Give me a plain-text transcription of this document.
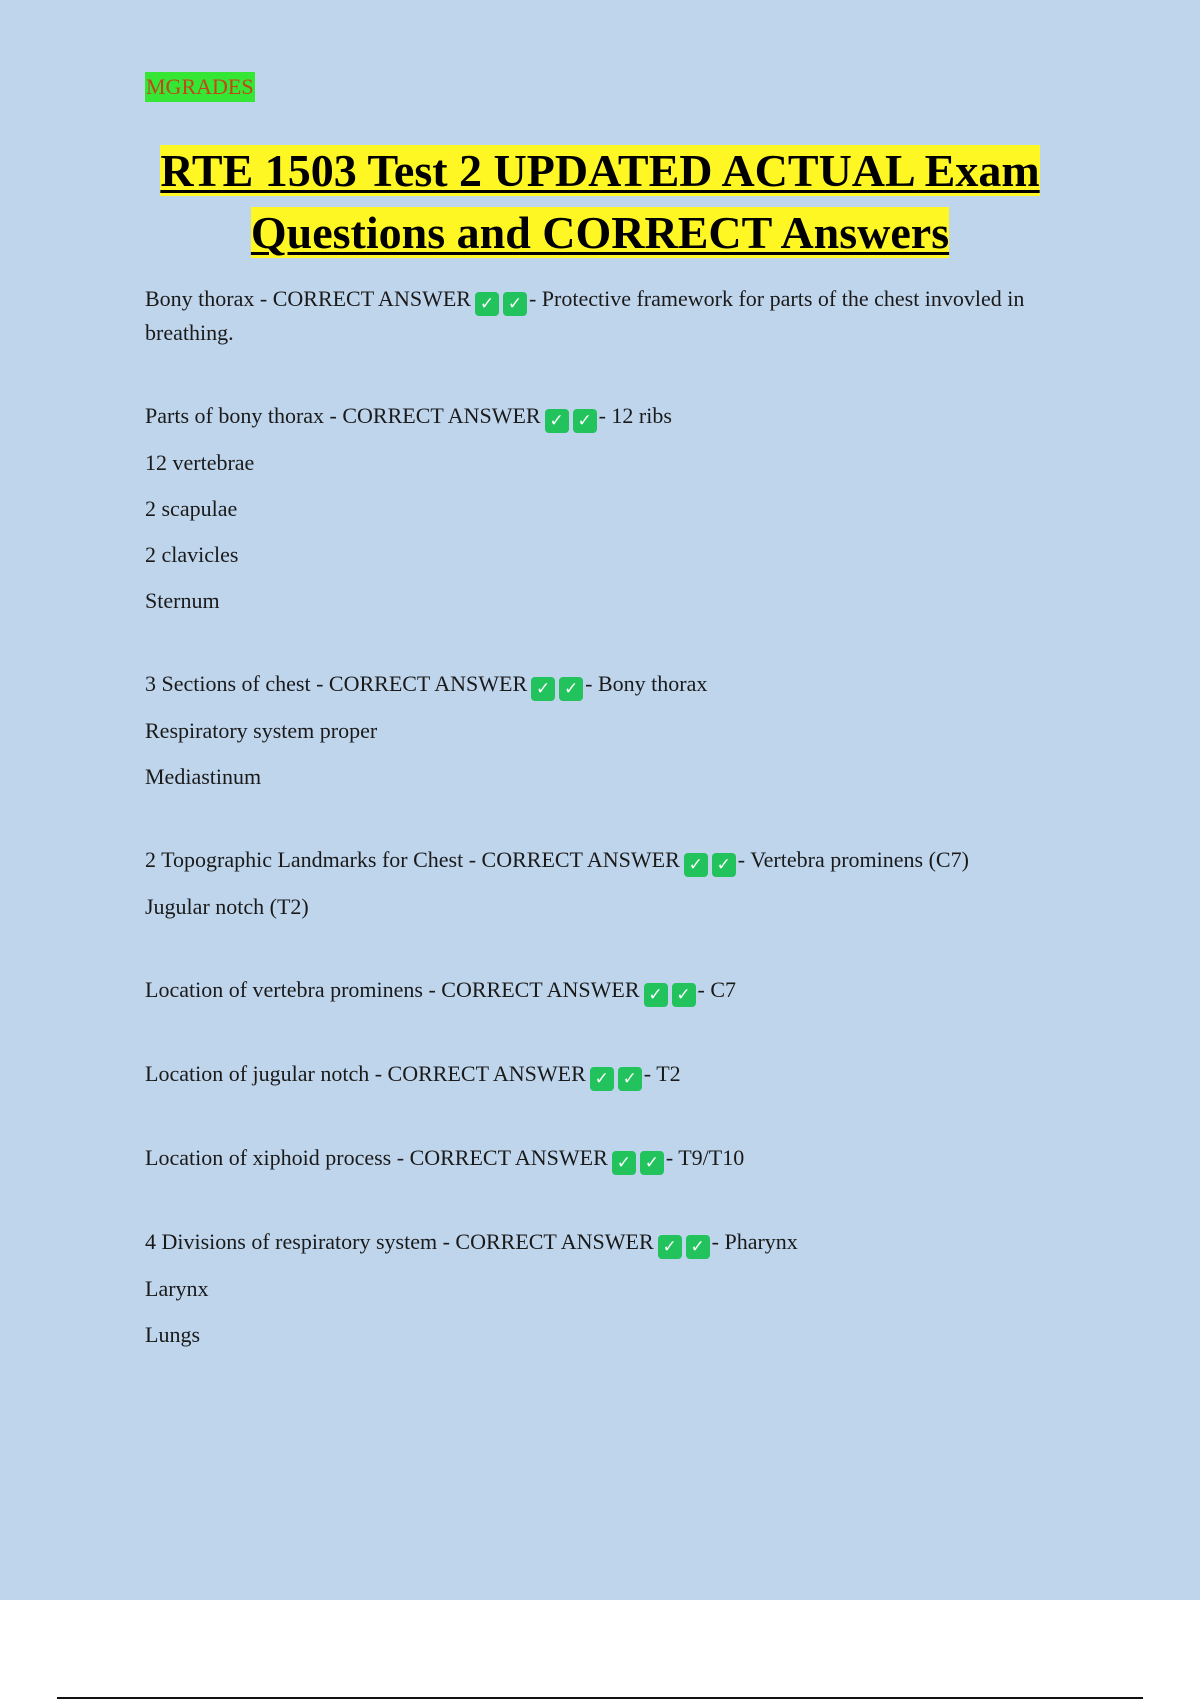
MGRADES
RTE 1503 Test 2 UPDATED ACTUAL Exam Questions and CORRECT Answers
Bony thorax - CORRECT ANSWER ✓ ✓ - Protective framework for parts of the chest invovled in breathing.
Parts of bony thorax - CORRECT ANSWER ✓ ✓ - 12 ribs
12 vertebrae
2 scapulae
2 clavicles
Sternum
3 Sections of chest - CORRECT ANSWER ✓ ✓ - Bony thorax
Respiratory system proper
Mediastinum
2 Topographic Landmarks for Chest - CORRECT ANSWER ✓ ✓ - Vertebra prominens (C7)
Jugular notch (T2)
Location of vertebra prominens - CORRECT ANSWER ✓ ✓ - C7
Location of jugular notch - CORRECT ANSWER ✓ ✓ - T2
Location of xiphoid process - CORRECT ANSWER ✓ ✓ - T9/T10
4 Divisions of respiratory system - CORRECT ANSWER ✓ ✓ - Pharynx
Larynx
Lungs
